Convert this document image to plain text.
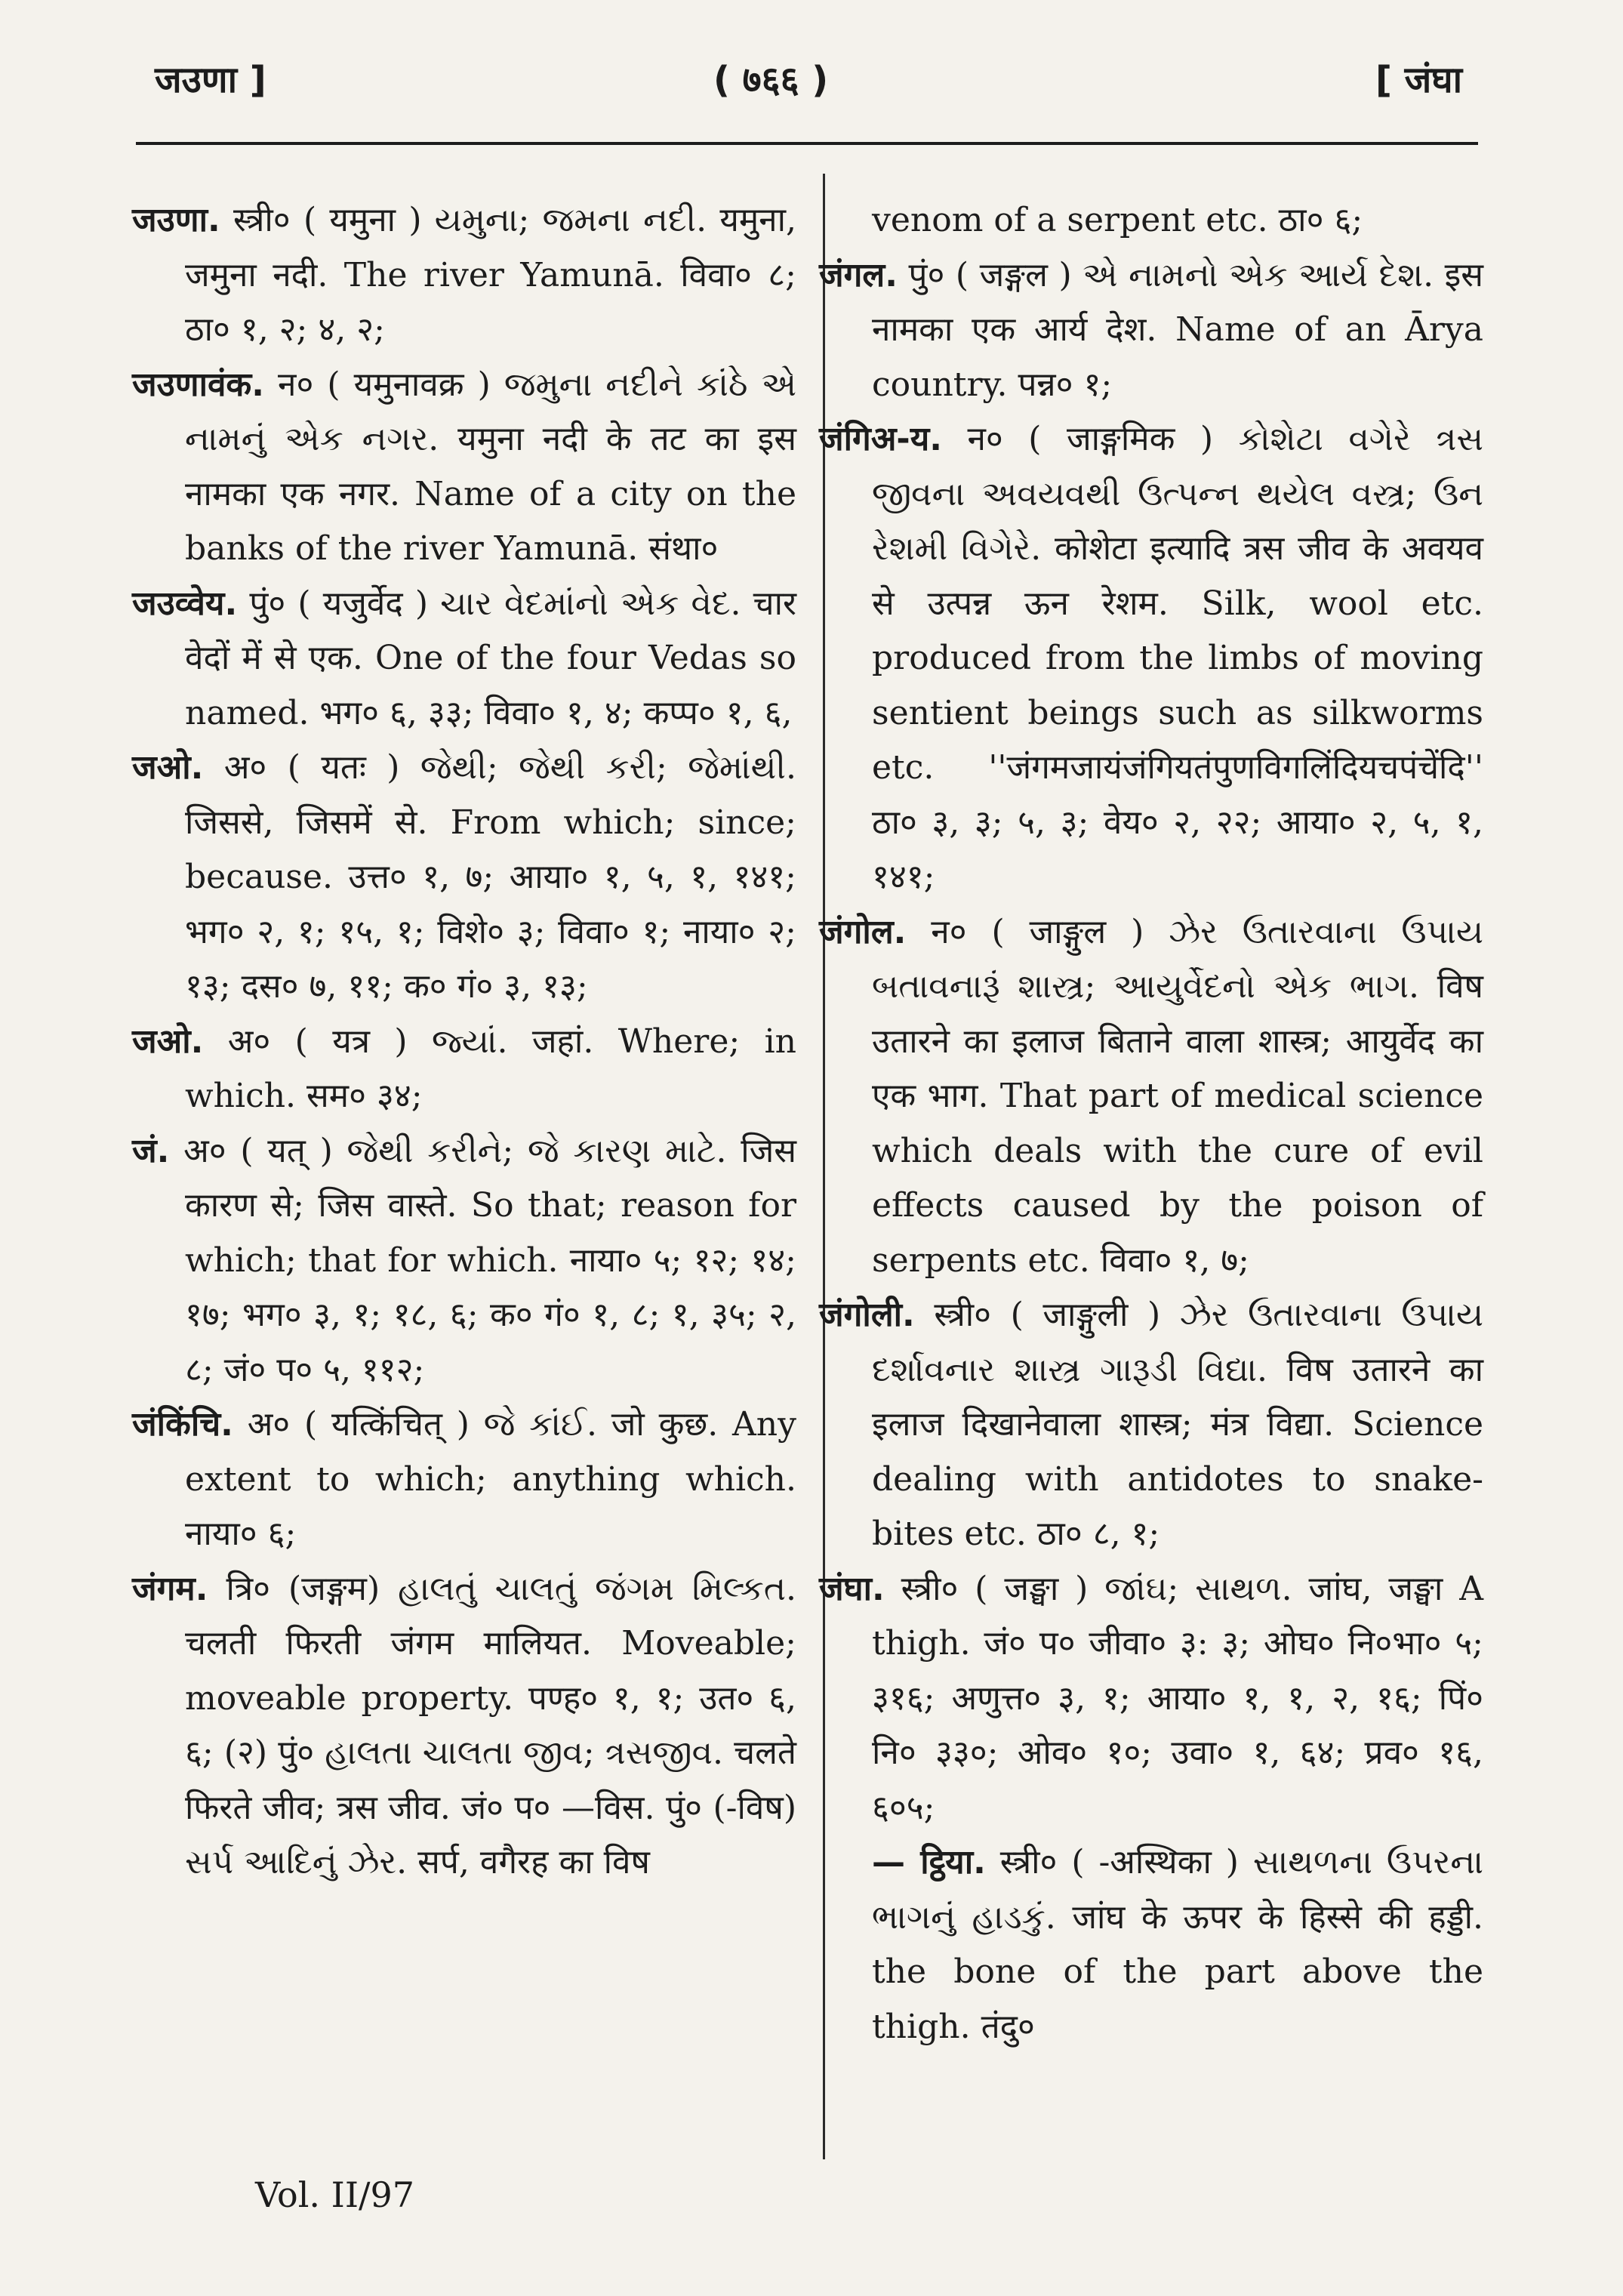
जउणा ]	( ७६६ )	[ जंघा

जउणा. स्त्री० ( यमुना ) યમુના; જમના નદી. यमुना, जमुना नदी. The river Yamunā. विवा० ८; ठा० १, २; ४, २;

जउणावंक. न० ( यमुनावक्र ) જમુના નદીને કાંઠે એ નામનું એક નગર. यमुना नदी के तट का इस नामका एक नगर. Name of a city on the banks of the river Yamunā. संथा०

जउव्वेय. पुं० ( यजुर्वेद ) ચાર વેદમાંનો એક વેદ. चार वेदों में से एक. One of the four Vedas so named. भग० ६, ३३; विवा० १, ४; कप्प० १, ६,

जओ. अ० ( यतः ) જેથી; જેથી કરી; જેમાંથી. जिससे, जिसमें से. From which; since; because. उत्त० १, ७; आया० १, ५, १, १४१; भग० २, १; १५, १; विशे० ३; विवा० १; नाया० २; १३; दस० ७, ११; क० गं० ३, १३;

जओ. अ० ( यत्र ) જ્યાં. जहां. Where; in which. सम० ३४;

जं. अ० ( यत् ) જેથી કરીને; જે કારણ માટે. जिस कारण से; जिस वास्ते. So that; reason for which; that for which. नाया० ५; १२; १४; १७; भग० ३, १; १८, ६; क० गं० १, ८; १, ३५; २, ८; जं० प० ५, ११२;

जंकिंचि. अ० ( यत्किंचित् ) જે કાંઈ. जो कुछ. Any extent to which; anything which. नाया० ६;

जंगम. त्रि० (जङ्गम) હાલતું ચાલતું જંગમ મિલ્કત. चलती फिरती जंगम मालियत. Moveable; moveable property. पण्ह० १, १; उत० ६, ६; (२) पुं० હાલતા ચાલતા જીવ; ત્રસજીવ. चलते फिरते जीव; त्रस जीव. जं० प० —विस. पुं० (-विष) સર્પ આદિનું ઝેર. सर्प, वगैरह का विष

venom of a serpent etc. ठा० ६;

जंगल. पुं० ( जङ्गल ) એ નામનો એક આર્ય દેશ. इस नामका एक आर्य देश. Name of an Ārya country. पन्न० १;

जंगिअ-य. न० ( जाङ्गमिक ) કોશેટા વગેરે ત્રસ જીવના અવયવથી ઉત્પન્ન થયેલ વસ્ત્ર; ઉન રેશમી વિગેરે. कोशेटा इत्यादि त्रस जीव के अवयव से उत्पन्न ऊन रेशम. Silk, wool etc. produced from the limbs of moving sentient beings such as silkworms etc. ''जंगमजायंजंगियतंपुणविगलिंदियचपंचेंदि'' ठा० ३, ३; ५, ३; वेय० २, २२; आया० २, ५, १, १४१;

जंगोल. न० ( जाङ्गुल ) ઝેર ઉતારવાના ઉપાય બતાવનારૂં શાસ્ત્ર; આયુર્વેદનો એક ભાગ. विष उतारने का इलाज बिताने वाला शास्त्र; आयुर्वेद का एक भाग. That part of medical science which deals with the cure of evil effects caused by the poison of serpents etc. विवा० १, ७;

जंगोली. स्त्री० ( जाङ्गुली ) ઝેર ઉતારવાના ઉપાય દર્શાવનાર શાસ્ત્ર ગારૂડી વિદ્યા. विष उतारने का इलाज दिखानेवाला शास्त्र; मंत्र विद्या. Science dealing with antidotes to snake-bites etc. ठा० ८, १;

जंघा. स्त्री० ( जङ्घा ) જાંઘ; સાથળ. जांघ, जङ्घा A thigh. जं० प० जीवा० ३: ३; ओघ० नि०भा० ५; ३१६; अणुत्त० ३, १; आया० १, १, २, १६; पिं० नि० ३३०; ओव० १०; उवा० १, ६४; प्रव० १६, ६०५;

— ट्ठिया. स्त्री० ( -अस्थिका ) સાથળના ઉપરના ભાગનું હાડકું. जांघ के ऊपर के हिस्से की हड्डी. the bone of the part above the thigh. तंदु०

Vol. II/97
